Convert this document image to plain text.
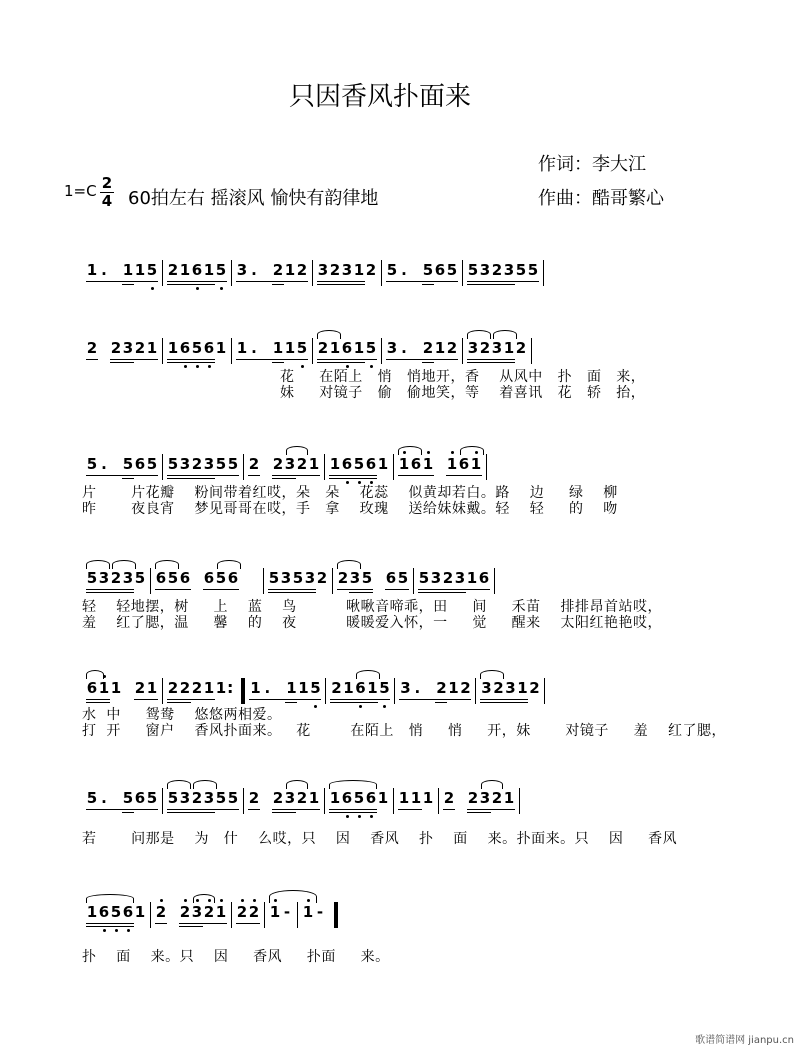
只因香风扑面来
作词：李大江
作曲：酷哥繁心
1=C 2
4 60拍左右 摇滚风 愉快有韵律地
1 . 1 1 5 2 1 6 1 5 3 . 2 1 2 3 2 3 1 2 5 . 5 6 5 5 3 2 3 5 5
2 2 3 2 1 1 6 5 6 1 1 . 1 1 5 2 1 6 1 5 3 . 2 1 2 3 2 3 1 2
花     在陌上   悄   悄地开，香    从风中   扑   面   来，
妹     对镜子   偷   偷地笑，等    着喜讯   花   轿   抬，
5 . 5 6 5 5 3 2 3 5 5 2 2 3 2 1 1 6 5 6 1 1 6 1 1 6 1
片       片花瓣    粉间带着红哎，朵   朵    花蕊    似黄却若白。路    边     绿    柳
昨       夜良宵    梦见哥哥在哎，手   拿    玫瑰    送给妹妹戴。轻    轻     的    吻
5 3 2 3 5 6 5 6 6 5 6 5 3 5 3 2 2 3 5 6 5 5 3 2 3 1 6
轻    轻地摆，树     上    蓝    鸟          啾啾音啼乖，田     间     禾苗    排排昂首站哎，
羞    红了腮，温     馨    的    夜          暖暖爱入怀，一     觉     醒来    太阳红艳艳哎，
6 1 1 2 1 2 2 2 1 1 : 1 . 1 1 5 2 1 6 1 5 3 . 2 1 2 3 2 3 1 2
水  中     鸳鸯    悠悠两相爱。
打  开     窗户    香风扑面来。   花        在陌上   悄     悄     开，妹       对镜子     羞    红了腮，
5 . 5 6 5 5 3 2 3 5 5 2 2 3 2 1 1 6 5 6 1 1 1 1 2 2 3 2 1
若       问那是    为   什    么哎，只    因    香风    扑    面    来。扑面来。只    因     香风
1 6 5 6 1 2 2 3 2 1 2 2 1 - 1 -
扑    面    来。只    因     香风     扑面     来。
歌谱简谱网 jianpu.cn
